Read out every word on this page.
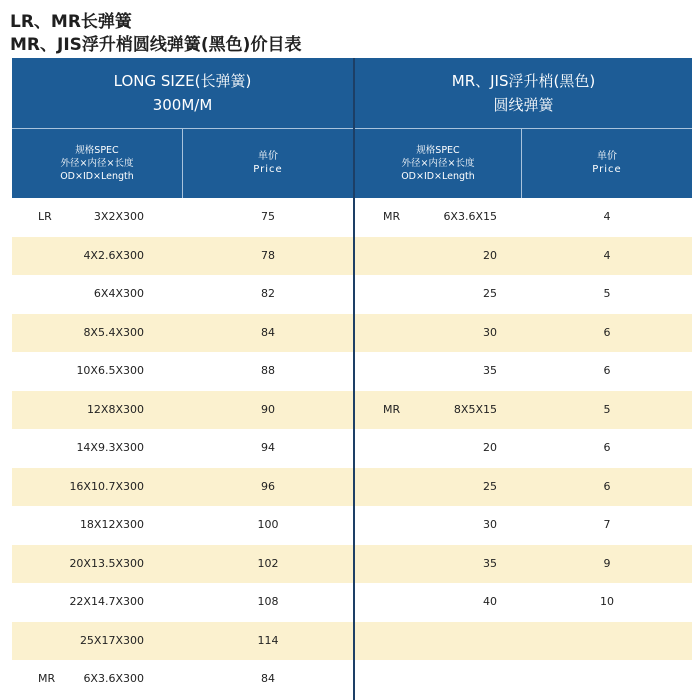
LR、MR长弹簧
MR、JIS浮升梢圆线弹簧(黑色)价目表
LONG SIZE(长弹簧)
300M/M
MR、JIS浮升梢(黑色)
圆线弹簧
规格SPEC
外径×内径×长度
OD×ID×Length
单价
Price
规格SPEC
外径×内径×长度
OD×ID×Length
单价
Price
LR	3X2X300	75	MR	6X3.6X15	4
4X2.6X300	78	20	4
6X4X300	82	25	5
8X5.4X300	84	30	6
10X6.5X300	88	35	6
12X8X300	90	MR	8X5X15	5
14X9.3X300	94	20	6
16X10.7X300	96	25	6
18X12X300	100	30	7
20X13.5X300	102	35	9
22X14.7X300	108	40	10
25X17X300	114
MR	6X3.6X300	84
